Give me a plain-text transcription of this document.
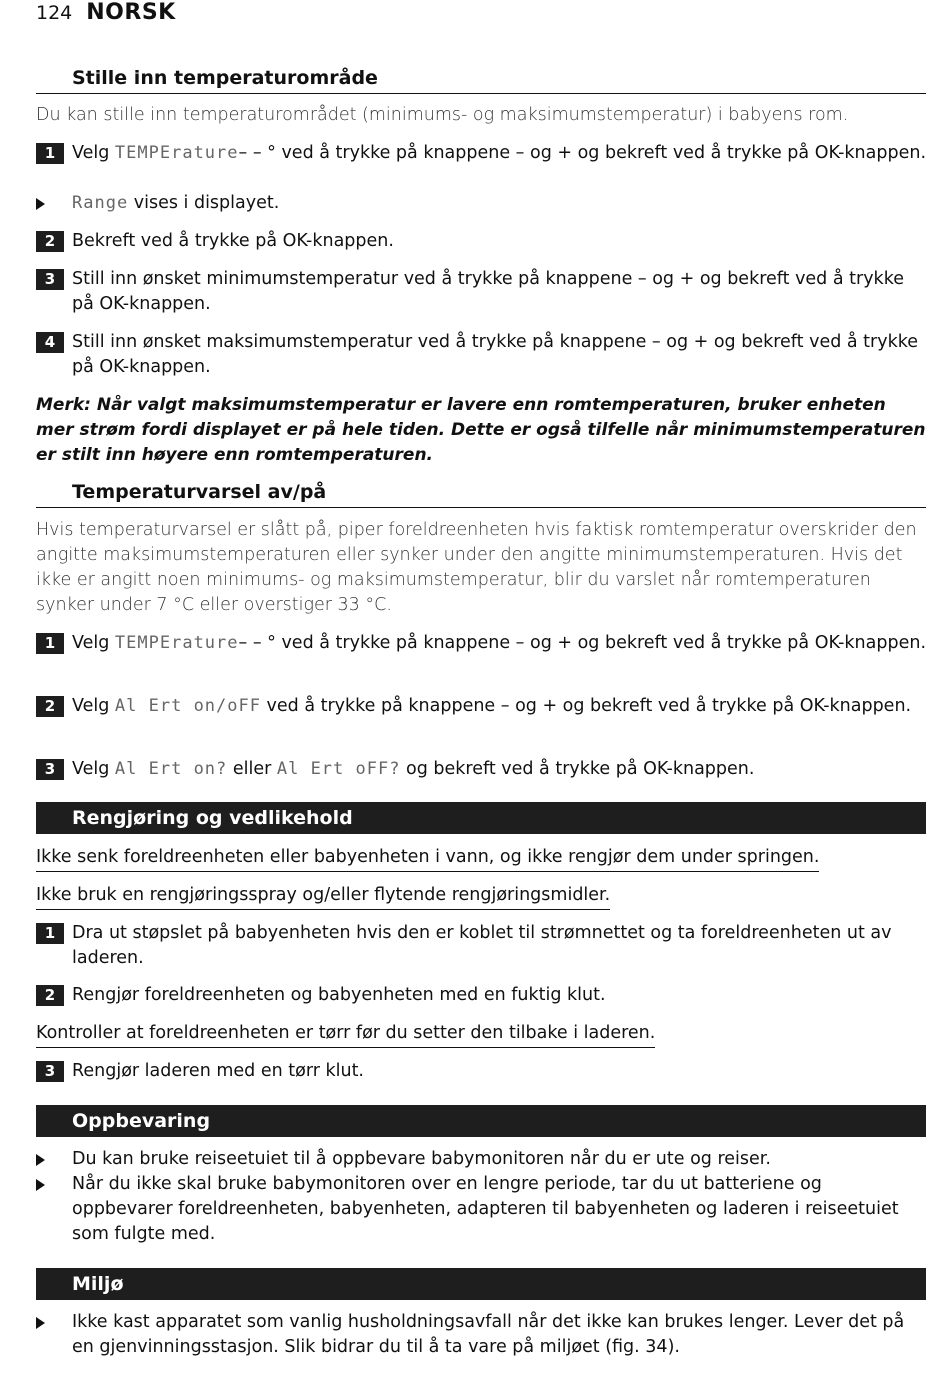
124 NORSK
Stille inn temperaturområde
Du kan stille inn temperaturområdet (minimums- og maksimumstemperatur) i babyens rom.
1 Velg TEMPErature– – ° ved å trykke på knappene – og + og bekreft ved å trykke på OK-knappen.
Range vises i displayet.
2 Bekreft ved å trykke på OK-knappen.
3 Still inn ønsket minimumstemperatur ved å trykke på knappene – og + og bekreft ved å trykke på OK-knappen.
4 Still inn ønsket maksimumstemperatur ved å trykke på knappene – og + og bekreft ved å trykke på OK-knappen.
Merk: Når valgt maksimumstemperatur er lavere enn romtemperaturen, bruker enheten mer strøm fordi displayet er på hele tiden. Dette er også tilfelle når minimumstemperaturen er stilt inn høyere enn romtemperaturen.
Temperaturvarsel av/på
Hvis temperaturvarsel er slått på, piper foreldreenheten hvis faktisk romtemperatur overskrider den angitte maksimumstemperaturen eller synker under den angitte minimumstemperaturen. Hvis det ikke er angitt noen minimums- og maksimumstemperatur, blir du varslet når romtemperaturen synker under 7 °C eller overstiger 33 °C.
1 Velg TEMPErature– – ° ved å trykke på knappene – og + og bekreft ved å trykke på OK-knappen.
2 Velg Al Ert on/oFF ved å trykke på knappene – og + og bekreft ved å trykke på OK-knappen.
3 Velg Al Ert on? eller Al Ert oFF? og bekreft ved å trykke på OK-knappen.
Rengjøring og vedlikehold
Ikke senk foreldreenheten eller babyenheten i vann, og ikke rengjør dem under springen.
Ikke bruk en rengjøringsspray og/eller flytende rengjøringsmidler.
1 Dra ut støpslet på babyenheten hvis den er koblet til strømnettet og ta foreldreenheten ut av laderen.
2 Rengjør foreldreenheten og babyenheten med en fuktig klut.
Kontroller at foreldreenheten er tørr før du setter den tilbake i laderen.
3 Rengjør laderen med en tørr klut.
Oppbevaring
Du kan bruke reiseetuiet til å oppbevare babymonitoren når du er ute og reiser.
Når du ikke skal bruke babymonitoren over en lengre periode, tar du ut batteriene og oppbevarer foreldreenheten, babyenheten, adapteren til babyenheten og laderen i reiseetuiet som fulgte med.
Miljø
Ikke kast apparatet som vanlig husholdningsavfall når det ikke kan brukes lenger. Lever det på en gjenvinningsstasjon. Slik bidrar du til å ta vare på miljøet (fig. 34).
